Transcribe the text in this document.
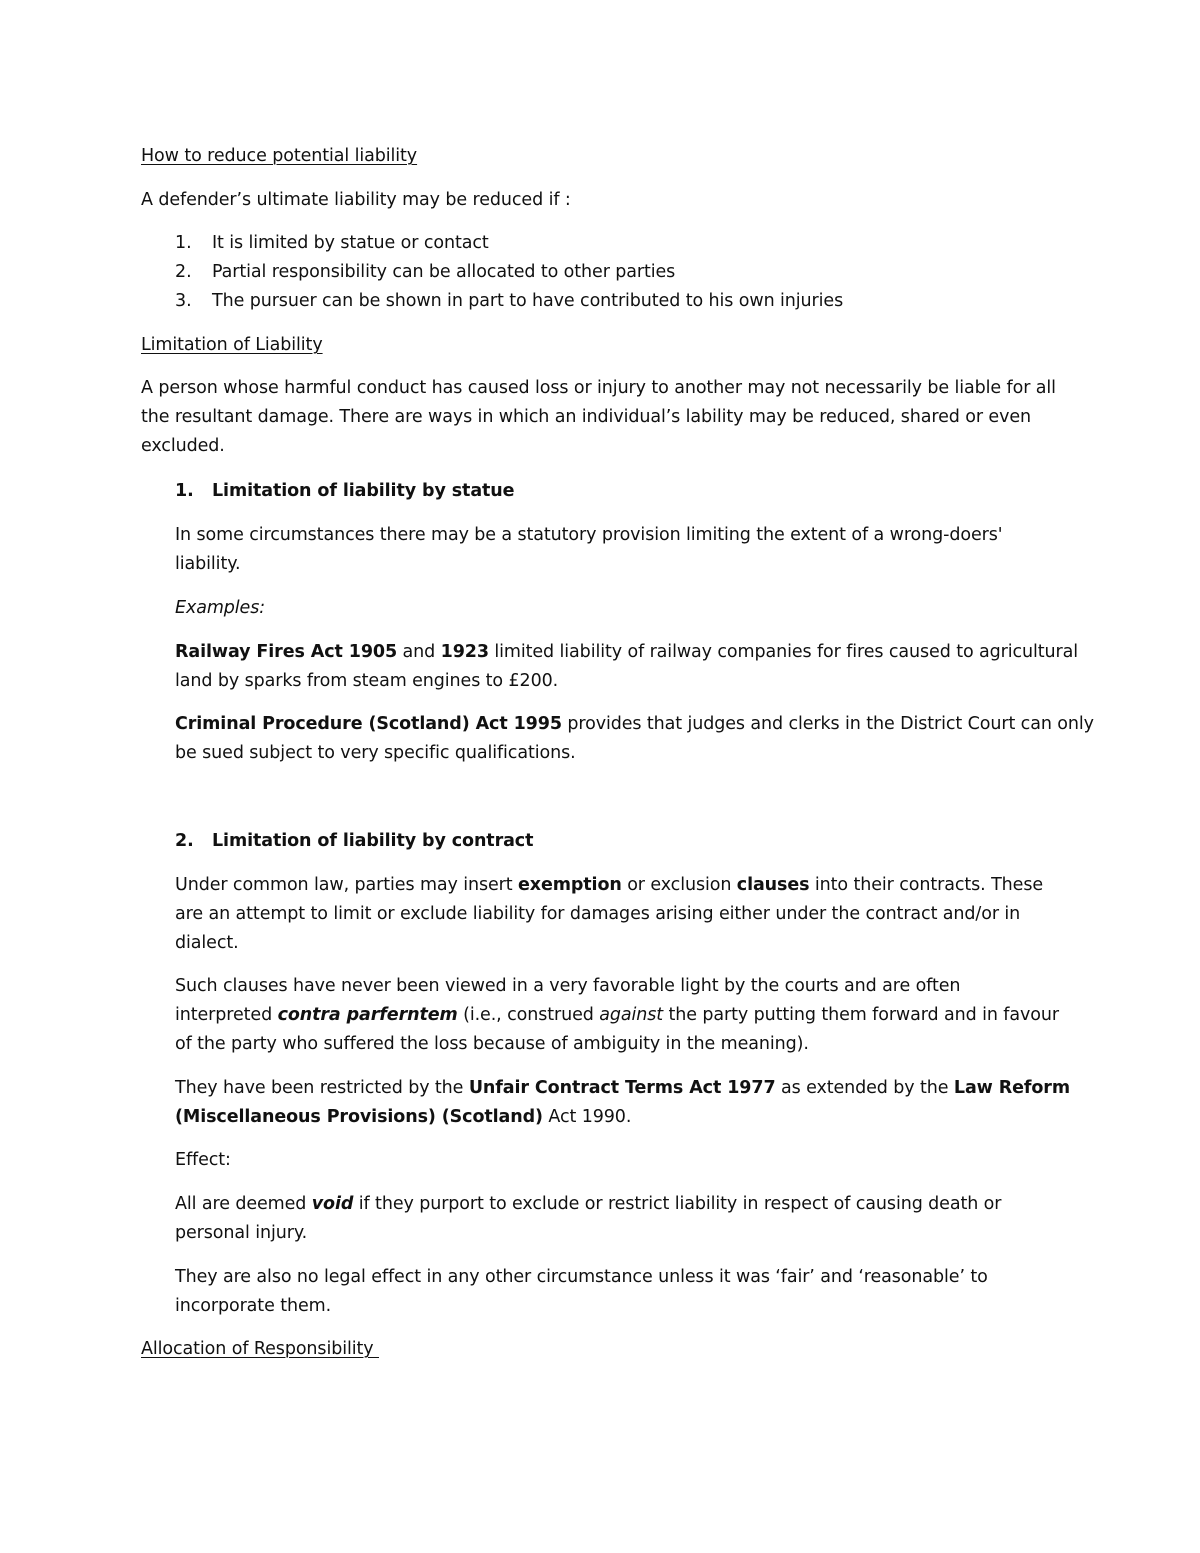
How to reduce potential liability
A defender’s ultimate liability may be reduced if :
1. It is limited by statue or contact
2. Partial responsibility can be allocated to other parties
3. The pursuer can be shown in part to have contributed to his own injuries
Limitation of Liability
A person whose harmful conduct has caused loss or injury to another may not necessarily be liable for all
the resultant damage. There are ways in which an individual’s lability may be reduced, shared or even
excluded.
1. Limitation of liability by statue
In some circumstances there may be a statutory provision limiting the extent of a wrong-doers'
liability.
Examples:
Railway Fires Act 1905 and 1923 limited liability of railway companies for fires caused to agricultural
land by sparks from steam engines to £200.
Criminal Procedure (Scotland) Act 1995 provides that judges and clerks in the District Court can only
be sued subject to very specific qualifications.
2. Limitation of liability by contract
Under common law, parties may insert exemption or exclusion clauses into their contracts. These
are an attempt to limit or exclude liability for damages arising either under the contract and/or in
dialect.
Such clauses have never been viewed in a very favorable light by the courts and are often
interpreted contra parferntem (i.e., construed against the party putting them forward and in favour
of the party who suffered the loss because of ambiguity in the meaning).
They have been restricted by the Unfair Contract Terms Act 1977 as extended by the Law Reform
(Miscellaneous Provisions) (Scotland) Act 1990.
Effect:
All are deemed void if they purport to exclude or restrict liability in respect of causing death or
personal injury.
They are also no legal effect in any other circumstance unless it was ‘fair’ and ‘reasonable’ to
incorporate them.
Allocation of Responsibility
